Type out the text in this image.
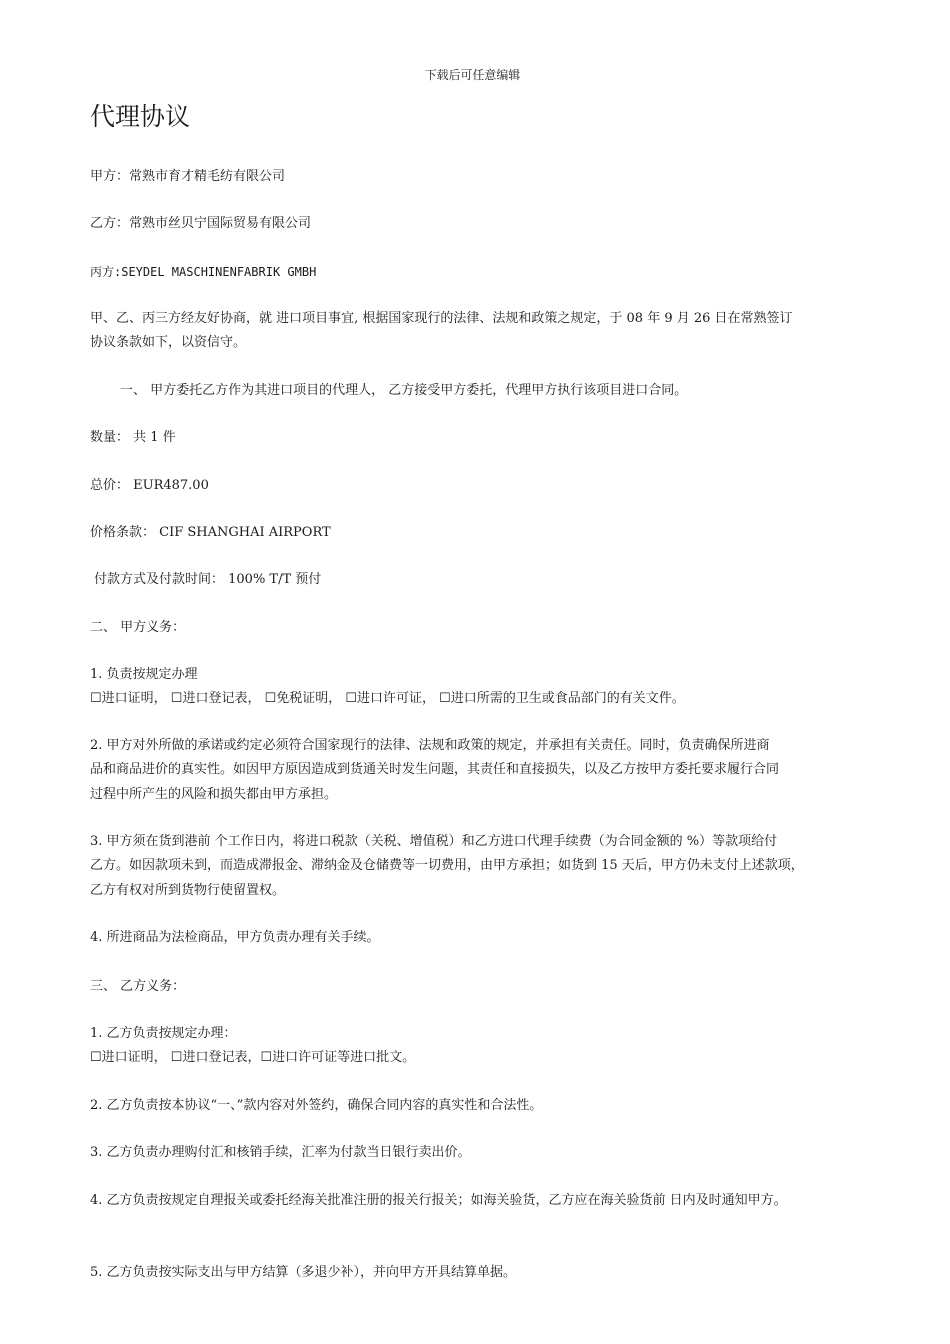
下载后可任意编辑
代理协议
甲方：常熟市育才精毛纺有限公司
乙方：常熟市丝贝宁国际贸易有限公司
丙方:SEYDEL MASCHINENFABRIK GMBH
甲、乙、丙三方经友好协商，就 进口项目事宜, 根据国家现行的法律、法规和政策之规定，于 08 年 9 月 26 日在常熟签订
协议条款如下，以资信守。
一、 甲方委托乙方作为其进口项目的代理人， 乙方接受甲方委托，代理甲方执行该项目进口合同。
数量： 共 1 件
总价： EUR487.00
价格条款： CIF SHANGHAI AIRPORT
付款方式及付款时间： 100% T/T 预付
二、 甲方义务：
1. 负责按规定办理
☐进口证明， ☐进口登记表， ☐免税证明， ☐进口许可证， ☐进口所需的卫生或食品部门的有关文件。
2. 甲方对外所做的承诺或约定必须符合国家现行的法律、法规和政策的规定，并承担有关责任。同时，负责确保所进商
品和商品进价的真实性。如因甲方原因造成到货通关时发生问题，其责任和直接损失，以及乙方按甲方委托要求履行合同
过程中所产生的风险和损失都由甲方承担。
3. 甲方须在货到港前 个工作日内，将进口税款（关税、增值税）和乙方进口代理手续费（为合同金额的 %）等款项给付
乙方。如因款项未到，而造成滞报金、滞纳金及仓储费等一切费用，由甲方承担；如货到 15 天后，甲方仍未支付上述款项，
乙方有权对所到货物行使留置权。
4. 所进商品为法检商品，甲方负责办理有关手续。
三、 乙方义务：
1. 乙方负责按规定办理：
☐进口证明， ☐进口登记表，☐进口许可证等进口批文。
2. 乙方负责按本协议“一、”款内容对外签约，确保合同内容的真实性和合法性。
3. 乙方负责办理购付汇和核销手续，汇率为付款当日银行卖出价。
4. 乙方负责按规定自理报关或委托经海关批准注册的报关行报关；如海关验货，乙方应在海关验货前 日内及时通知甲方。
5. 乙方负责按实际支出与甲方结算（多退少补），并向甲方开具结算单据。
